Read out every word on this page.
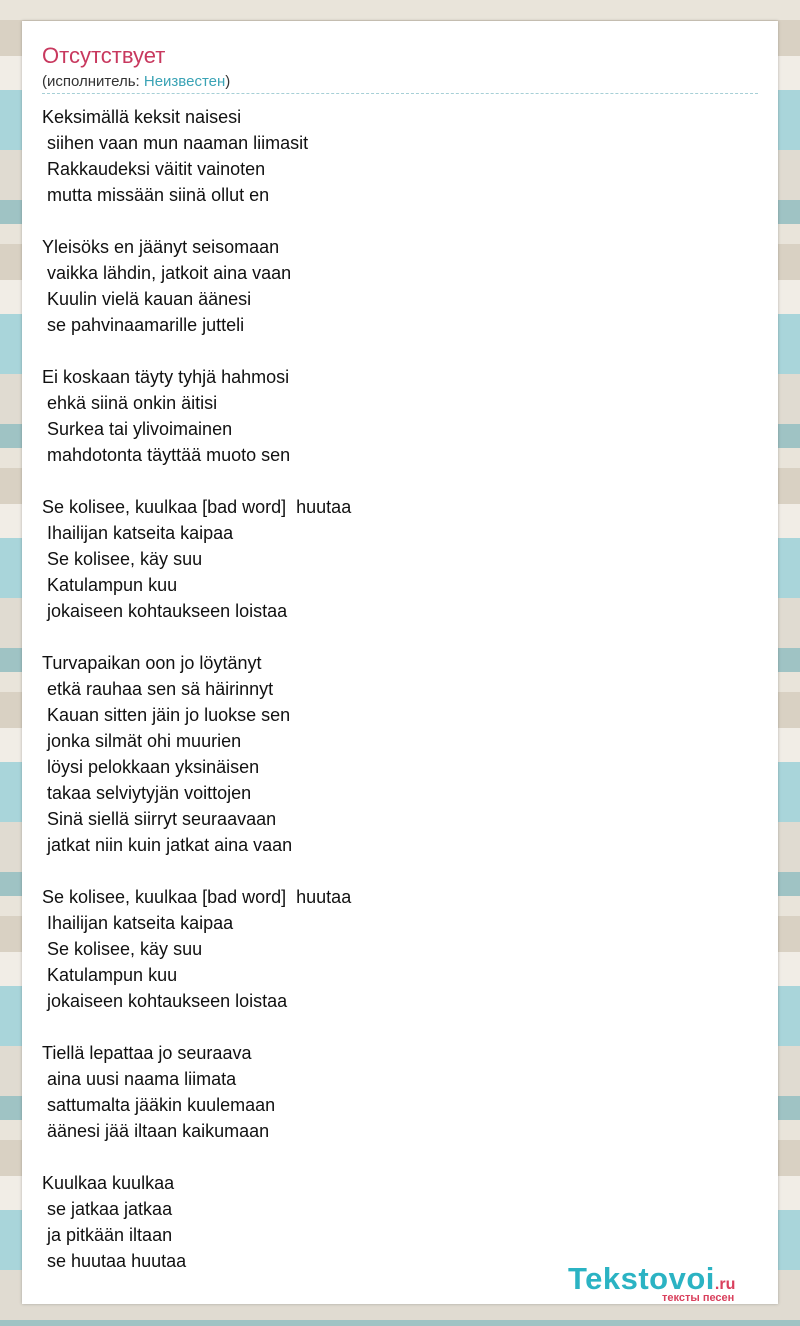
Отсутствует
(исполнитель: Неизвестен)
Keksimällä keksit naisesi
siihen vaan mun naaman liimasit
Rakkaudeksi väitit vainoten
mutta missään siinä ollut en
Yleisöks en jäänyt seisomaan
vaikka lähdin, jatkoit aina vaan
Kuulin vielä kauan äänesi
se pahvinaamarille jutteli
Ei koskaan täyty tyhjä hahmosi
ehkä siinä onkin äitisi
Surkea tai ylivoimainen
mahdotonta täyttää muoto sen
Se kolisee, kuulkaa [bad word]  huutaa
Ihailijan katseita kaipaa
Se kolisee, käy suu
Katulampun kuu
jokaiseen kohtaukseen loistaa
Turvapaikan oon jo löytänyt
etkä rauhaa sen sä häirinnyt
Kauan sitten jäin jo luokse sen
jonka silmät ohi muurien
löysi pelokkaan yksinäisen
takaa selviytyjän voittojen
Sinä siellä siirryt seuraavaan
jatkat niin kuin jatkat aina vaan
Se kolisee, kuulkaa [bad word]  huutaa
Ihailijan katseita kaipaa
Se kolisee, käy suu
Katulampun kuu
jokaiseen kohtaukseen loistaa
Tiellä lepattaa jo seuraava
aina uusi naama liimata
sattumalta jääkin kuulemaan
äänesi jää iltaan kaikumaan
Kuulkaa kuulkaa
se jatkaa jatkaa
ja pitkään iltaan
se huutaa huutaa	Tekstovoi.ru
тексты песен
